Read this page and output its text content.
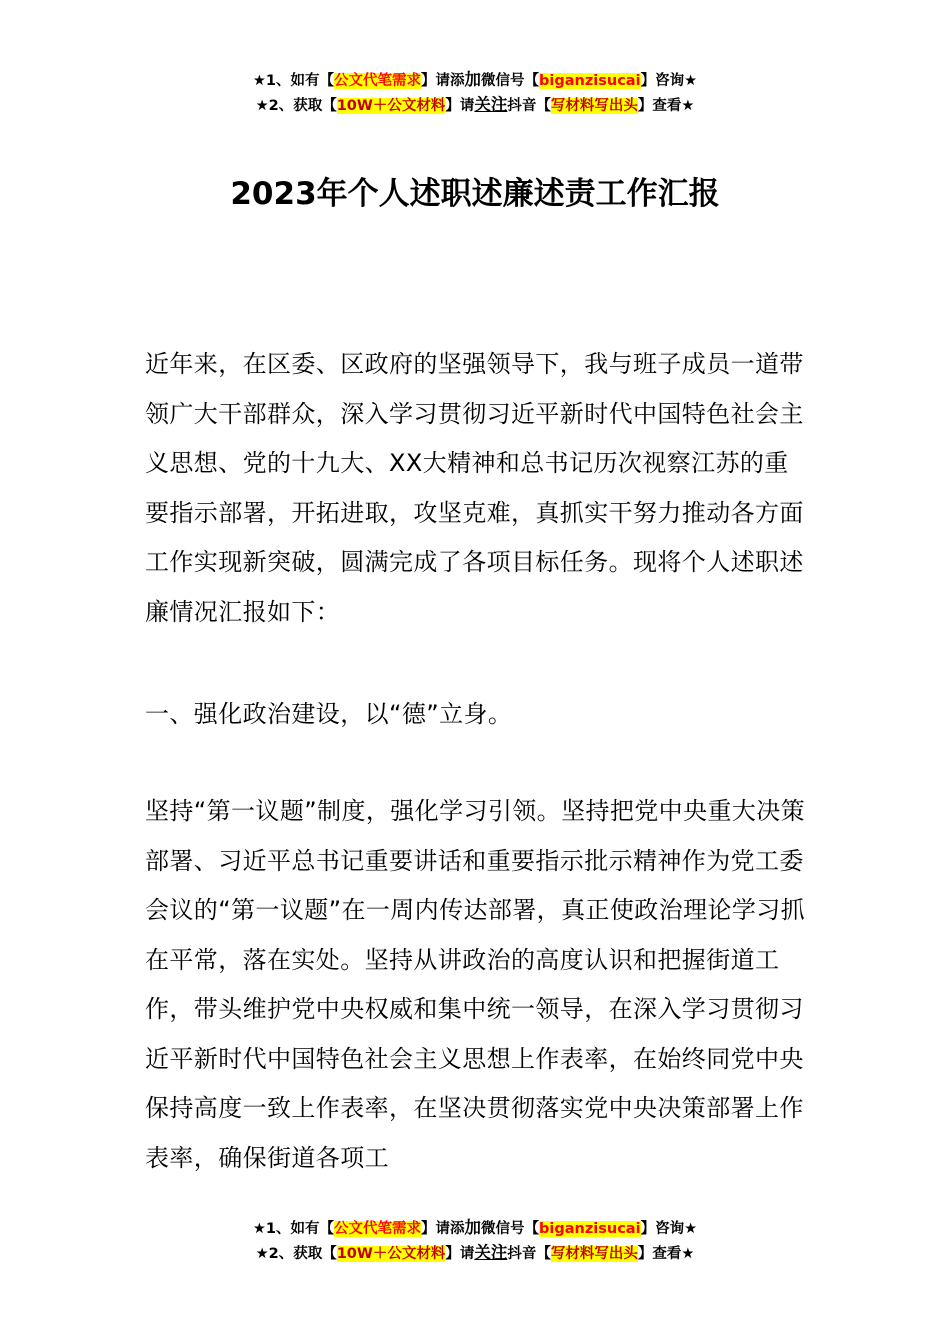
★1、如有【公文代笔需求】请添加微信号【biganzisucai】咨询★
★2、获取【10W＋公文材料】请关注抖音【写材料写出头】查看★
2023年个人述职述廉述责工作汇报

近年来，在区委、区政府的坚强领导下，我与班子成员一道带领广大干部群众，深入学习贯彻习近平新时代中国特色社会主义思想、党的十九大、XX大精神和总书记历次视察江苏的重要指示部署，开拓进取，攻坚克难，真抓实干努力推动各方面工作实现新突破，圆满完成了各项目标任务。现将个人述职述廉情况汇报如下：

一、强化政治建设，以“德”立身。

坚持“第一议题”制度，强化学习引领。坚持把党中央重大决策部署、习近平总书记重要讲话和重要指示批示精神作为党工委会议的“第一议题”在一周内传达部署，真正使政治理论学习抓在平常，落在实处。坚持从讲政治的高度认识和把握街道工作，带头维护党中央权威和集中统一领导，在深入学习贯彻习近平新时代中国特色社会主义思想上作表率，在始终同党中央保持高度一致上作表率，在坚决贯彻落实党中央决策部署上作表率，确保街道各项工

★1、如有【公文代笔需求】请添加微信号【biganzisucai】咨询★
★2、获取【10W＋公文材料】请关注抖音【写材料写出头】查看★
